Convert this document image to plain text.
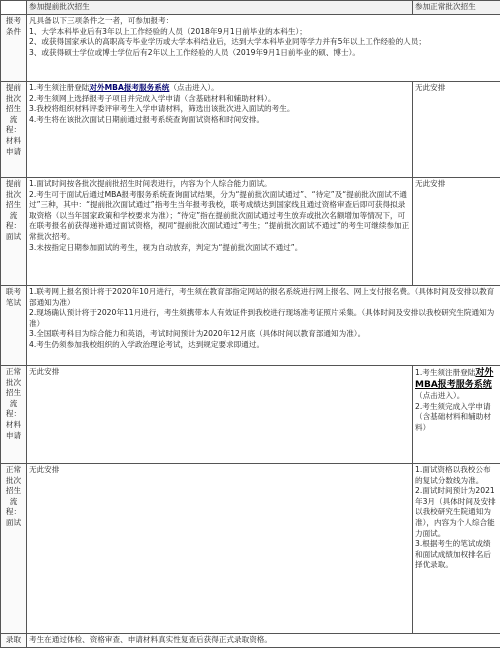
	参加提前批次招生	参加正常批次招生
报考条件	凡具备以下三项条件之一者，可参加报考：

1、大学本科毕业后有3年以上工作经验的人员（2018年9月1日前毕业的本科生）；

2、或获得国家承认的高职高专毕业学历或大学本科结业后，达到大学本科毕业同等学力并有5年以上工作经验的人员；

3、或获得硕士学位或博士学位后有2年以上工作经验的人员（2019年9月1日前毕业的硕、博士）。	

提前批次招生流程：材料申请	1.考生须注册登陆对外MBA报考服务系统（点击进入）。

2.考生须网上选择报考子项目并完成入学申请（含基础材料和辅助材料）。

3.我校将组织材料评委评审考生入学申请材料，筛选出该批次进入面试的考生。

4.考生将在该批次面试日期前通过报考系统查询面试资格和时间安排。	无此安排
提前批次招生流程：面试	1.面试时间按各批次提前批招生时间表进行，内容为个人综合能力面试。

2.考生可于面试后通过MBA报考服务系统查询面试结果，分为“提前批次面试通过”、“待定”及“提前批次面试不通过”三种，其中：“提前批次面试通过”指考生当年报考我校，联考成绩达到国家线且通过资格审查后即可获得拟录取资格（以当年国家政策和学校要求为准）；“待定”指在提前批次面试通过考生放弃或批次名额增加等情况下，可在联考报名前获得递补通过面试资格，视同“提前批次面试通过”考生；“提前批次面试不通过”的考生可继续参加正常批次招考。

3.未按指定日期参加面试的考生，视为自动放弃，判定为“提前批次面试不通过”。	无此安排
联考笔试	1.联考网上报名预计将于2020年10月进行，考生须在教育部指定网站的报名系统进行网上报名、网上支付报名费。（具体时间及安排以教育部通知为准）

2.现场确认预计将于2020年11月进行，考生须携带本人有效证件到我校进行现场准考证照片采集。（具体时间及安排以我校研究生院通知为准）

3.全国联考科目为综合能力和英语，考试时间预计为2020年12月底（具体时间以教育部通知为准）。

4.考生仍须参加我校组织的入学政治理论考试，达到规定要求即通过。	

正常批次招生流程：材料申请	无此安排	1.考生须注册登陆对外MBA报考服务系统（点击进入）。

2.考生须完成入学申请（含基础材料和辅助材料）

正常批次招生流程：面试	无此安排	1.面试资格以我校公布的复试分数线为准。

2.面试时间预计为2021年3月（具体时间及安排以我校研究生院通知为准），内容为个人综合能力面试。

3.根据考生的笔试成绩和面试成绩加权排名后择优录取。

录取	考生在通过体检、资格审查、申请材料真实性复查后获得正式录取资格。	
